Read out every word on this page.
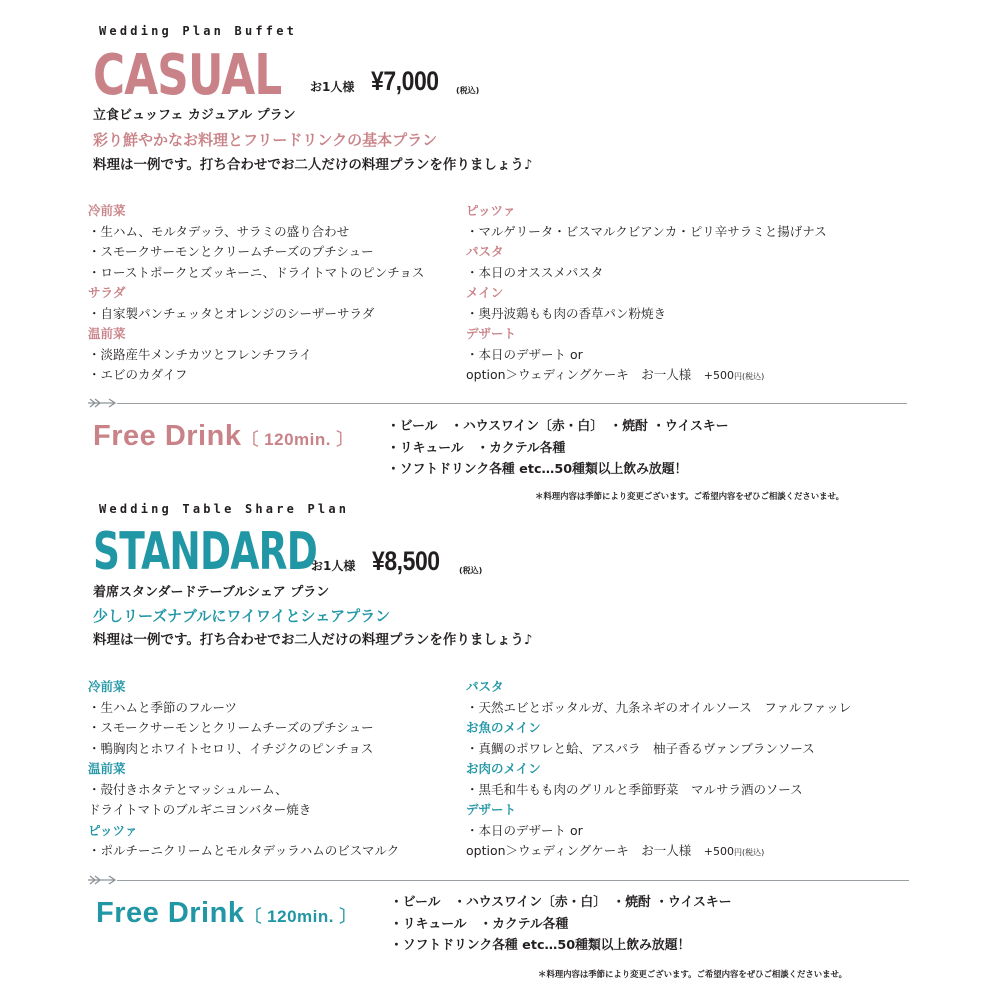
Wedding Plan Buffet
CASUAL お1人様 ¥7,000 (税込)
立食ビュッフェ カジュアル プラン
彩り鮮やかなお料理とフリードリンクの基本プラン
料理は一例です。打ち合わせでお二人だけの料理プランを作りましょう♪
冷前菜
・生ハム、モルタデッラ、サラミの盛り合わせ
・スモークサーモンとクリームチーズのプチシュー
・ローストポークとズッキーニ、ドライトマトのピンチョス
サラダ
・自家製パンチェッタとオレンジのシーザーサラダ
温前菜
・淡路産牛メンチカツとフレンチフライ
・エビのカダイフ
ピッツァ
・マルゲリータ・ビスマルクビアンカ・ピリ辛サラミと揚げナス
パスタ
・本日のオススメパスタ
メイン
・奥丹波鶏もも肉の香草パン粉焼き
デザート
・本日のデザート or
option＞ウェディングケーキ　お一人様　 +500円(税込)
Free Drink〔 120min. 〕
・ビール　・ハウスワイン〔赤・白〕　・焼酎 ・ウイスキー
・リキュール　・カクテル各種
・ソフトドリンク各種 etc…50種類以上飲み放題！
＊料理内容は季節により変更ございます。ご希望内容をぜひご相談くださいませ。
Wedding Table Share Plan
STANDARD
お1人様 ¥8,500 (税込)
着席スタンダードテーブルシェア プラン
少しリーズナブルにワイワイとシェアプラン
料理は一例です。打ち合わせでお二人だけの料理プランを作りましょう♪
冷前菜
・生ハムと季節のフルーツ
・スモークサーモンとクリームチーズのプチシュー
・鴨胸肉とホワイトセロリ、イチジクのピンチョス
温前菜
・殻付きホタテとマッシュルーム、
ドライトマトのブルギニヨンバター焼き
ピッツァ
・ポルチーニクリームとモルタデッラハムのビスマルク
パスタ
・天然エビとボッタルガ、九条ネギのオイルソース　ファルファッレ
お魚のメイン
・真鯛のポワレと蛤、アスパラ　柚子香るヴァンブランソース
お肉のメイン
・黒毛和牛もも肉のグリルと季節野菜　マルサラ酒のソース
デザート
・本日のデザート or
option＞ウェディングケーキ　お一人様　 +500円(税込)
Free Drink〔 120min. 〕
・ビール　・ハウスワイン〔赤・白〕　・焼酎 ・ウイスキー
・リキュール　・カクテル各種
・ソフトドリンク各種 etc…50種類以上飲み放題！
＊料理内容は季節により変更ございます。ご希望内容をぜひご相談くださいませ。
